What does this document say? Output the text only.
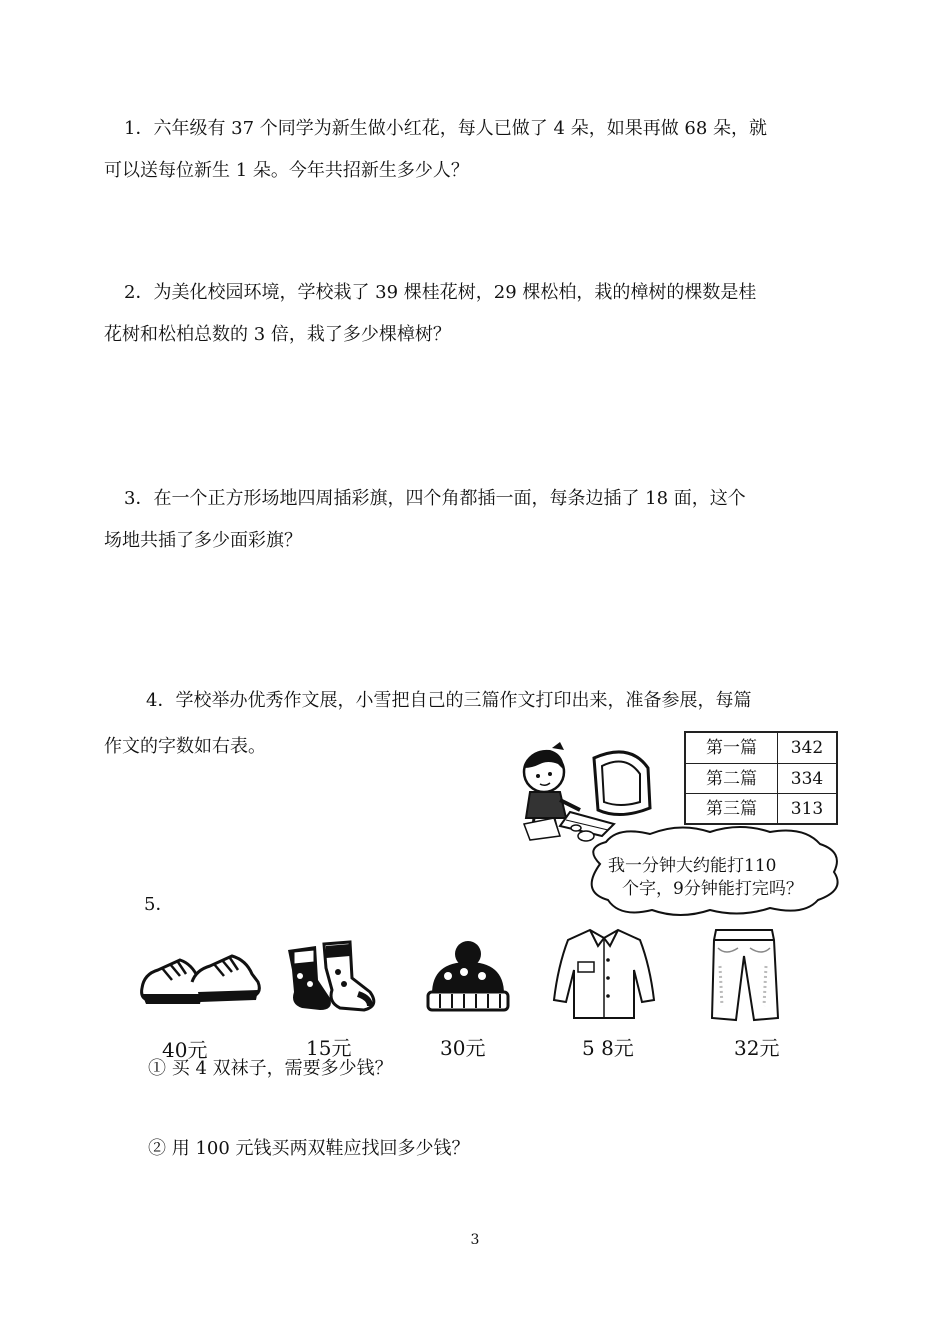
1．六年级有 37 个同学为新生做小红花，每人已做了 4 朵，如果再做 68 朵，就
可以送每位新生 1 朵。今年共招新生多少人？
2．为美化校园环境，学校栽了 39 棵桂花树，29 棵松柏，栽的樟树的棵数是桂
花树和松柏总数的 3 倍，栽了多少棵樟树？
3．在一个正方形场地四周插彩旗，四个角都插一面，每条边插了 18 面，这个
场地共插了多少面彩旗？
4．学校举办优秀作文展，小雪把自己的三篇作文打印出来，准备参展，每篇
作文的字数如右表。	第一篇	342
第二篇	334
第三篇	313
我一分钟大约能打110
个字，9分钟能打完吗？
5．
40元	15元	30元	5 8元	32元
① 买 4 双袜子，需要多少钱？
② 用 100 元钱买两双鞋应找回多少钱？
3
